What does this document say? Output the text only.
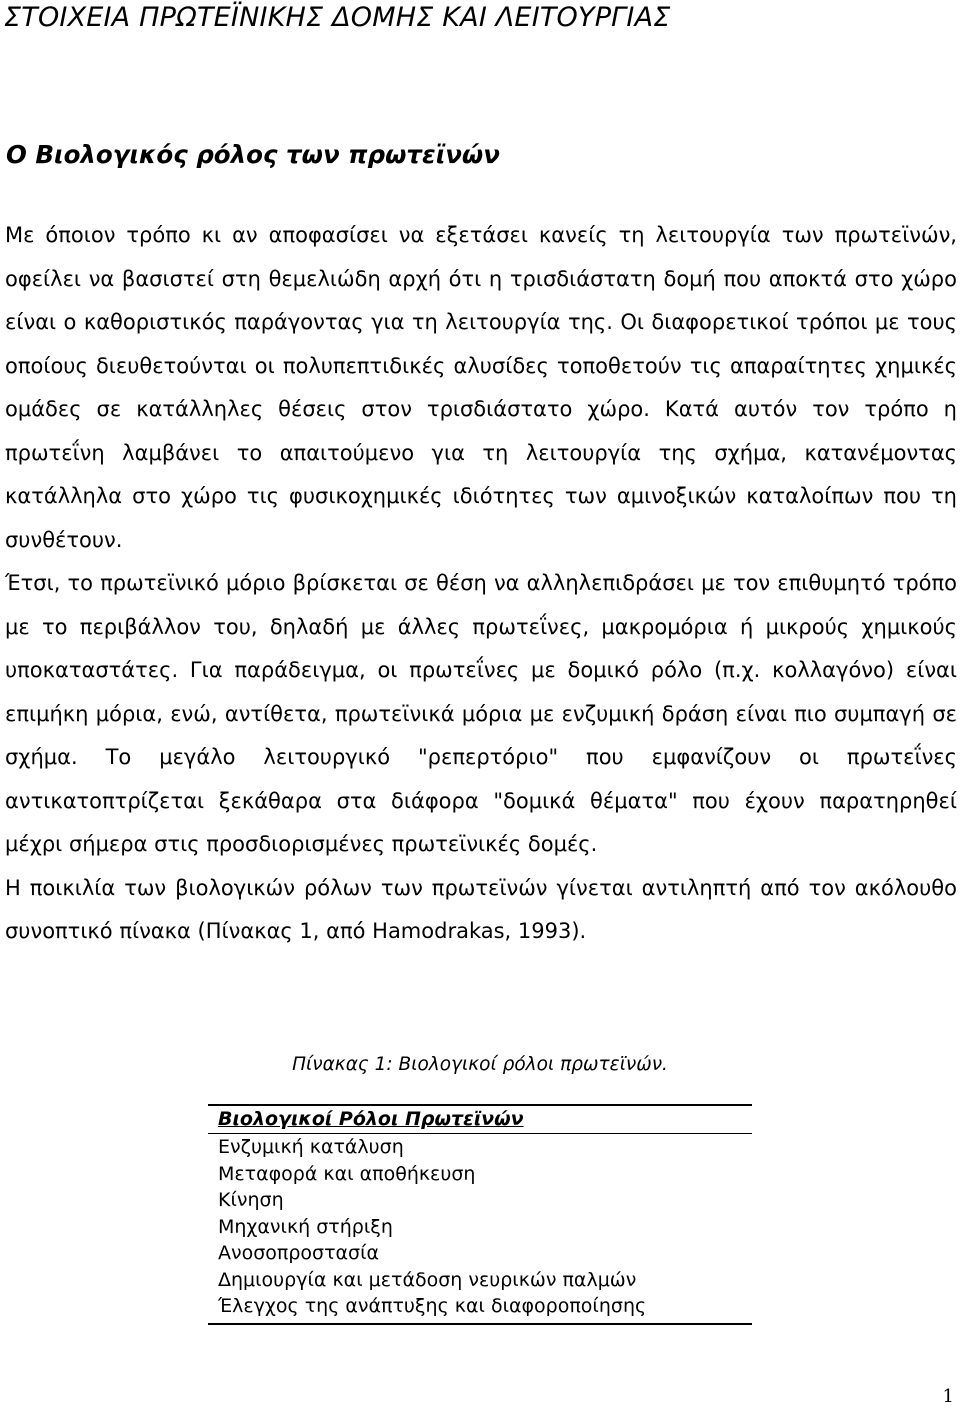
ΣΤΟΙΧΕΙΑ ΠΡΩΤΕΪΝΙΚΗΣ ΔΟΜΗΣ ΚΑΙ ΛΕΙΤΟΥΡΓΙΑΣ
Ο Βιολογικός ρόλος των πρωτεϊνών

Με όποιον τρόπο κι αν αποφασίσει να εξετάσει κανείς τη λειτουργία των πρωτεϊνών, οφείλει να βασιστεί στη θεμελιώδη αρχή ότι η τρισδιάστατη δομή που αποκτά στο χώρο είναι ο καθοριστικός παράγοντας για τη λειτουργία της. Οι διαφορετικοί τρόποι με τους οποίους διευθετούνται οι πολυπεπτιδικές αλυσίδες τοποθετούν τις απαραίτητες χημικές ομάδες σε κατάλληλες θέσεις στον τρισδιάστατο χώρο. Κατά αυτόν τον τρόπο η πρωτεΐνη λαμβάνει το απαιτούμενο για τη λειτουργία της σχήμα, κατανέμοντας κατάλληλα στο χώρο τις φυσικοχημικές ιδιότητες των αμινοξικών καταλοίπων που τη συνθέτουν.

Έτσι, το πρωτεϊνικό μόριο βρίσκεται σε θέση να αλληλεπιδράσει με τον επιθυμητό τρόπο με το περιβάλλον του, δηλαδή με άλλες πρωτεΐνες, μακρομόρια ή μικρούς χημικούς υποκαταστάτες. Για παράδειγμα, οι πρωτεΐνες με δομικό ρόλο (π.χ. κολλαγόνο) είναι επιμήκη μόρια, ενώ, αντίθετα, πρωτεϊνικά μόρια με ενζυμική δράση είναι πιο συμπαγή σε σχήμα. Το μεγάλο λειτουργικό "ρεπερτόριο" που εμφανίζουν οι πρωτεΐνες αντικατοπτρίζεται ξεκάθαρα στα διάφορα "δομικά θέματα" που έχουν παρατηρηθεί μέχρι σήμερα στις προσδιορισμένες πρωτεϊνικές δομές.

Η ποικιλία των βιολογικών ρόλων των πρωτεϊνών γίνεται αντιληπτή από τον ακόλουθο συνοπτικό πίνακα (Πίνακας 1, από Hamodrakas, 1993).

Πίνακας 1: Βιολογικοί ρόλοι πρωτεϊνών.
Βιολογικοί Ρόλοι Πρωτεϊνών
Ενζυμική κατάλυση
Μεταφορά και αποθήκευση
Κίνηση
Μηχανική στήριξη
Ανοσοπροστασία
Δημιουργία και μετάδοση νευρικών παλμών
Έλεγχος της ανάπτυξης και διαφοροποίησης
1
